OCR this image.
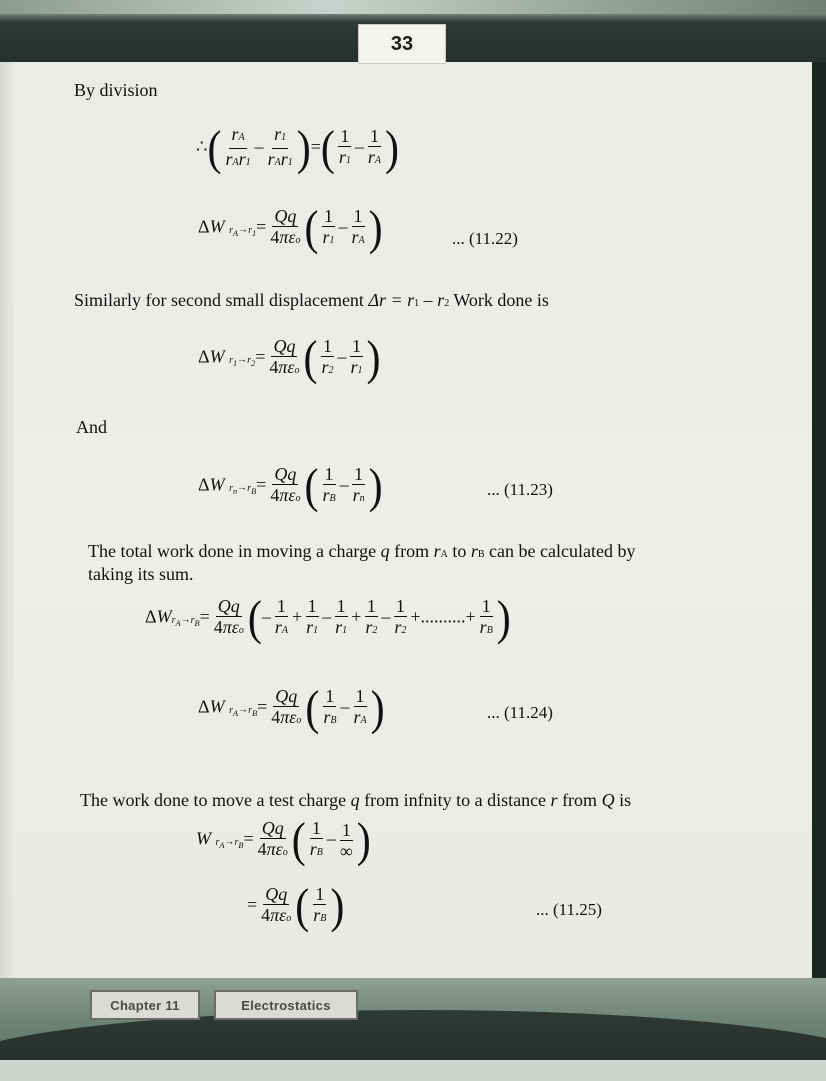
33
By division
∴( $\frac{rA}{\text{rAr1}} - \frac{r1}{\text{rAr1}}$ )=( $\frac{1}{r1} - \frac{1}{rA}$ )
ΔW $r_A\to r_1= \frac{Qq}{\text{4πεo}}$ ( $\frac{1}{r1} - \frac{1}{rA}$ )	... (11.22)
Similarly for second small displacement Δr = r1 – r2 Work done is
ΔW $r_1\to r_2= \frac{Qq}{\text{4πεo}}$ ( $\frac{1}{r2} - \frac{1}{r1}$ )
And
ΔW $r_n\to r_B= \frac{Qq}{\text{4πεo}}$ ( $\frac{1}{rB} - \frac{1}{rn}$ )	... (11.23)
The total work done in moving a charge q from rA to rB can be calculated by
taking its sum.
$\Delta Wr_A\to r_B= \frac{Qq}{\text{4πεo}}$ (– $\frac{1}{rA} + \frac{1}{r1} - \frac{1}{r1} + \frac{1}{r2} - \frac{1}{r2}$ +..........+ $\frac{1}{rB}$ )
ΔW $r_A\to r_B= \frac{Qq}{\text{4πεo}}$ ( $\frac{1}{rB} - \frac{1}{rA}$ )	... (11.24)
The work done to move a test charge q from infnity to a distance r from Q is
W $r_A\to r_B= \frac{Qq}{\text{4πεo}}$ ( $\frac{1}{rB} - \frac{1}{\infty}$ )
= $\frac{Qq}{\text{4πεo}}$ ( $\frac{1}{rB}$ )	... (11.25)
Chapter 11	Electrostatics
